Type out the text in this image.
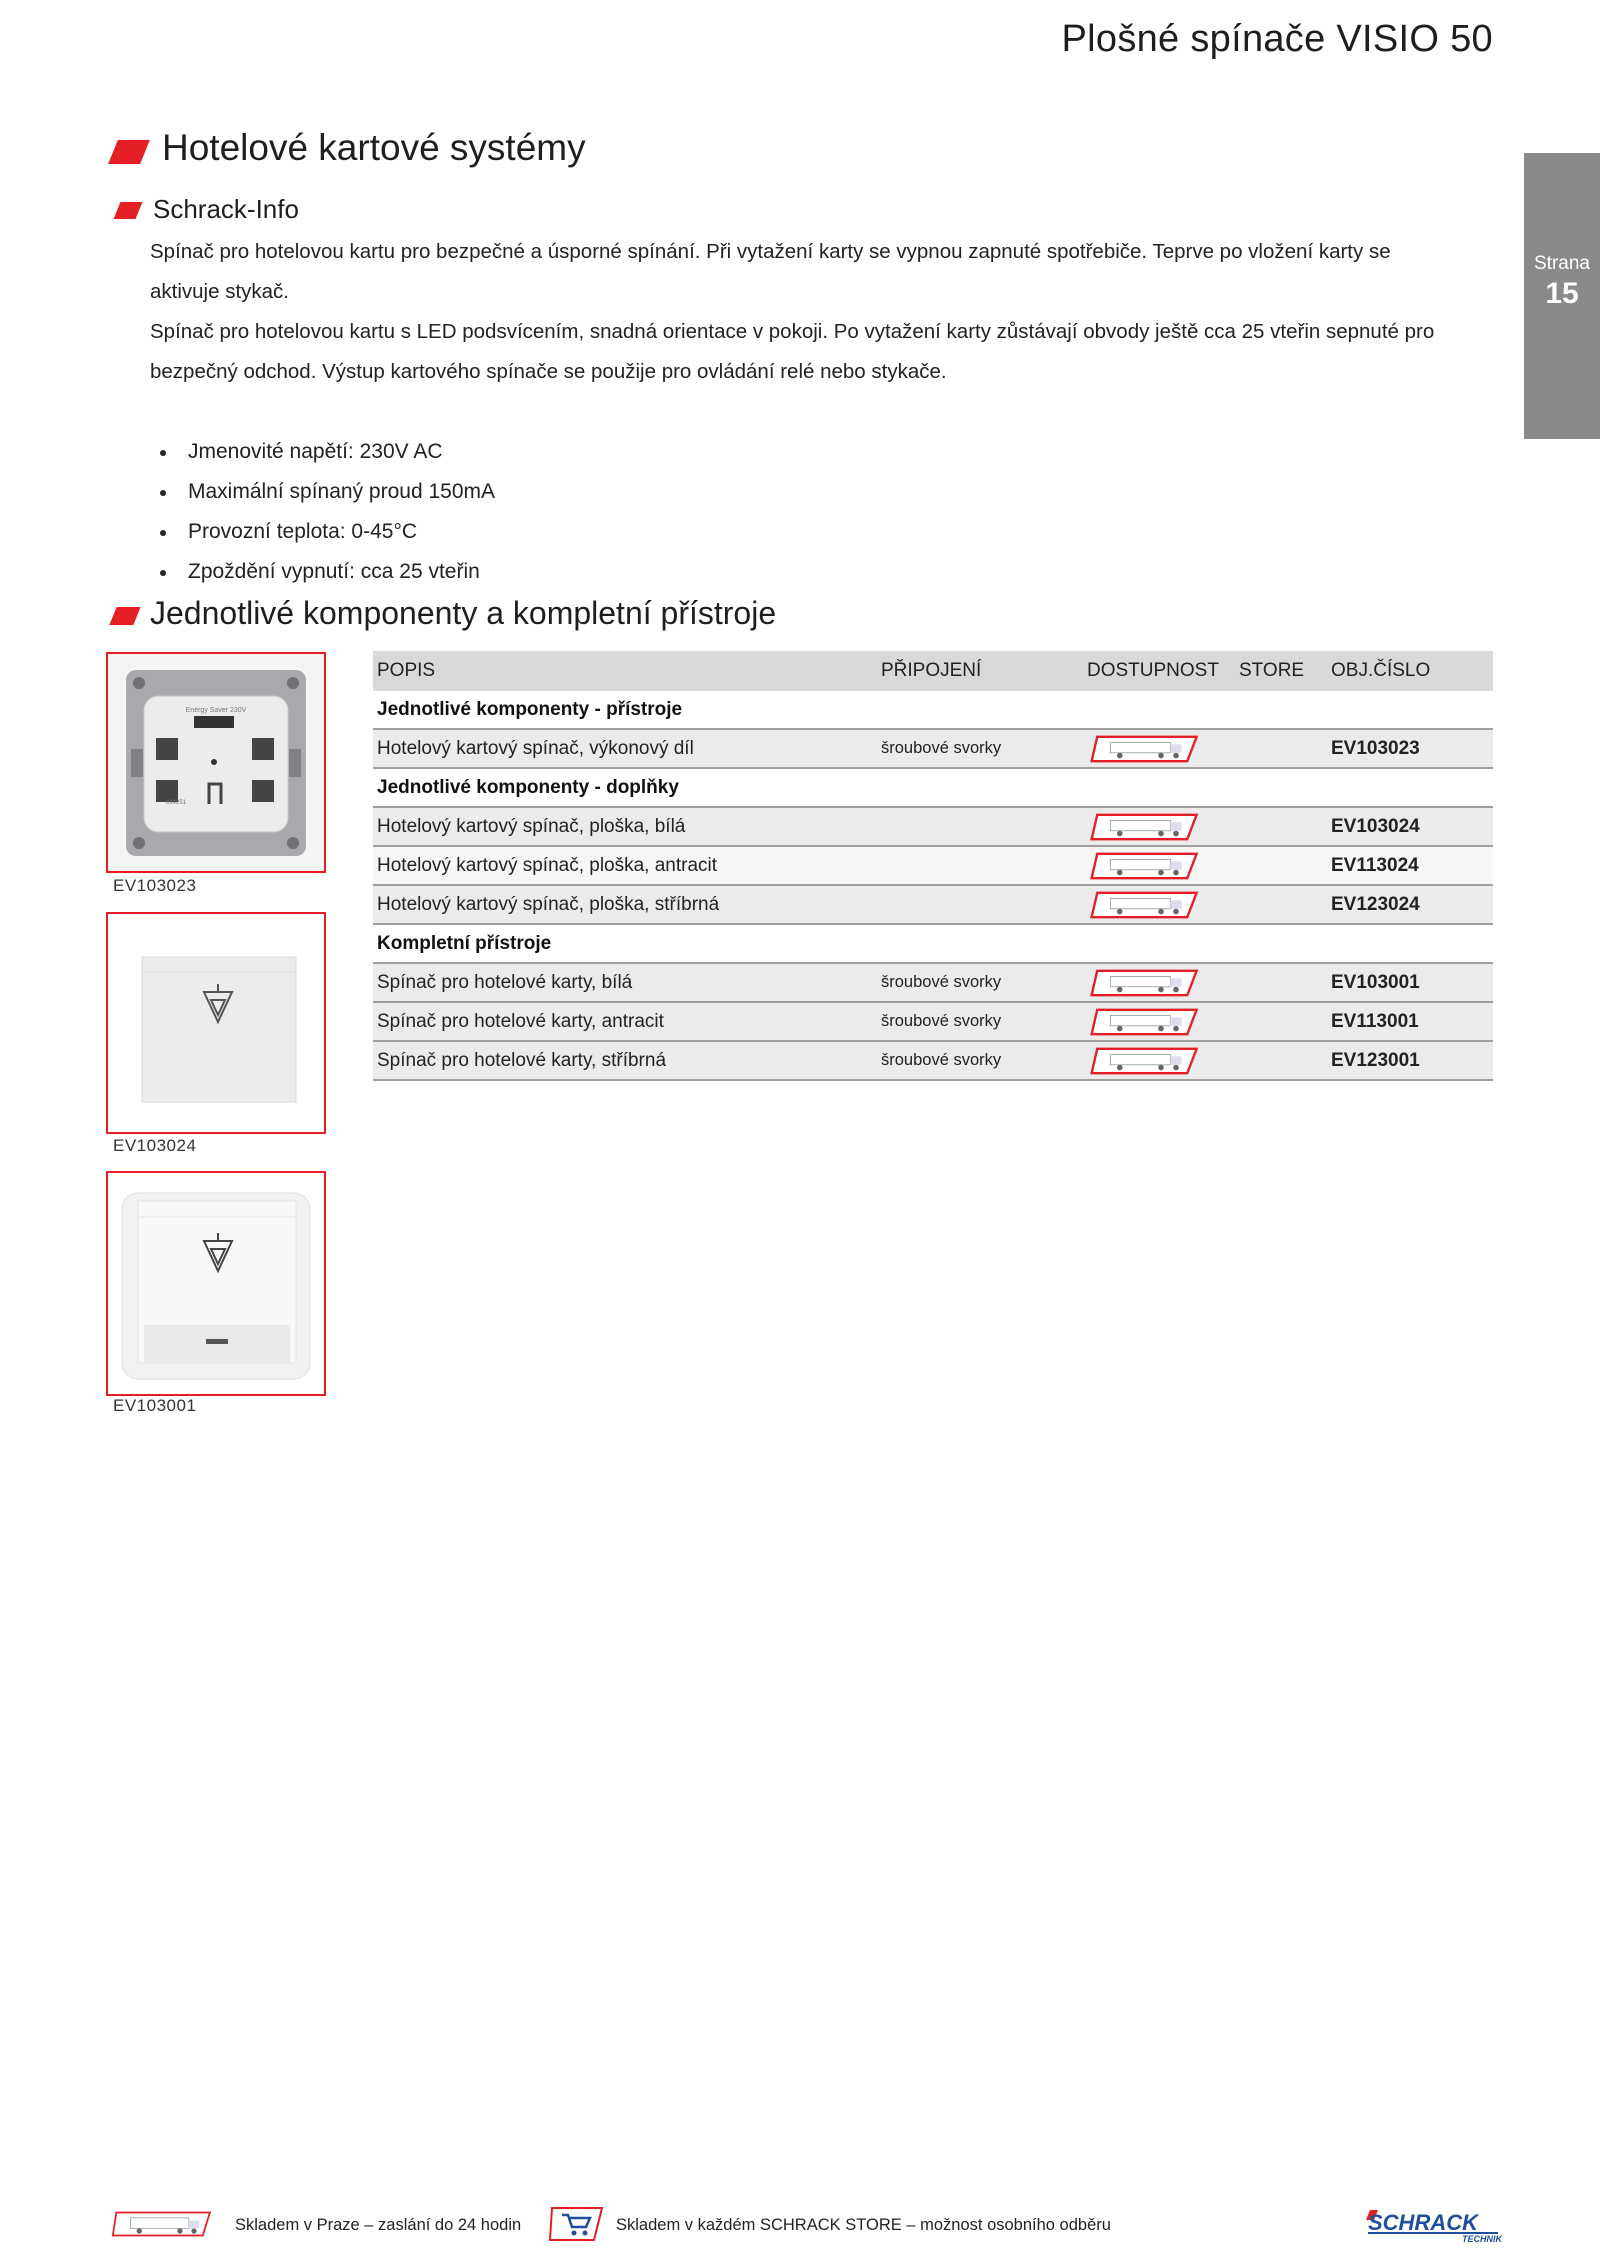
Plošné spínače VISIO 50
Strana
15
Hotelové kartové systémy
Schrack-Info
Spínač pro hotelovou kartu pro bezpečné a úsporné spínání. Při vytažení karty se vypnou zapnuté spotřebiče. Teprve po vložení karty se aktivuje stykač.
Spínač pro hotelovou kartu s LED podsvícením, snadná orientace v pokoji. Po vytažení karty zůstávají obvody ještě cca 25 vteřin sepnuté pro bezpečný odchod. Výstup kartového spínače se použije pro ovládání relé nebo stykače.
Jmenovité napětí: 230V AC
Maximální spínaný proud 150mA
Provozní teplota: 0-45°C
Zpoždění vypnutí: cca 25 vteřin
Jednotlivé komponenty a kompletní přístroje
Energy Saver 230V
814251
EV103023
EV103024
EV103001
POPIS	PŘIPOJENÍ	DOSTUPNOST	STORE	OBJ.ČÍSLO
Jednotlivé komponenty - přístroje				
Hotelový kartový spínač, výkonový díl	šroubové svorky			EV103023
Jednotlivé komponenty - doplňky				
Hotelový kartový spínač, ploška, bílá				EV103024
Hotelový kartový spínač, ploška, antracit				EV113024
Hotelový kartový spínač, ploška, stříbrná				EV123024
Kompletní přístroje				
Spínač pro hotelové karty, bílá	šroubové svorky			EV103001
Spínač pro hotelové karty, antracit	šroubové svorky			EV113001
Spínač pro hotelové karty, stříbrná	šroubové svorky			EV123001
Skladem v Praze – zaslání do 24 hodin	Skladem v každém SCHRACK STORE – možnost osobního odběru	SCHRACK
TECHNIK
